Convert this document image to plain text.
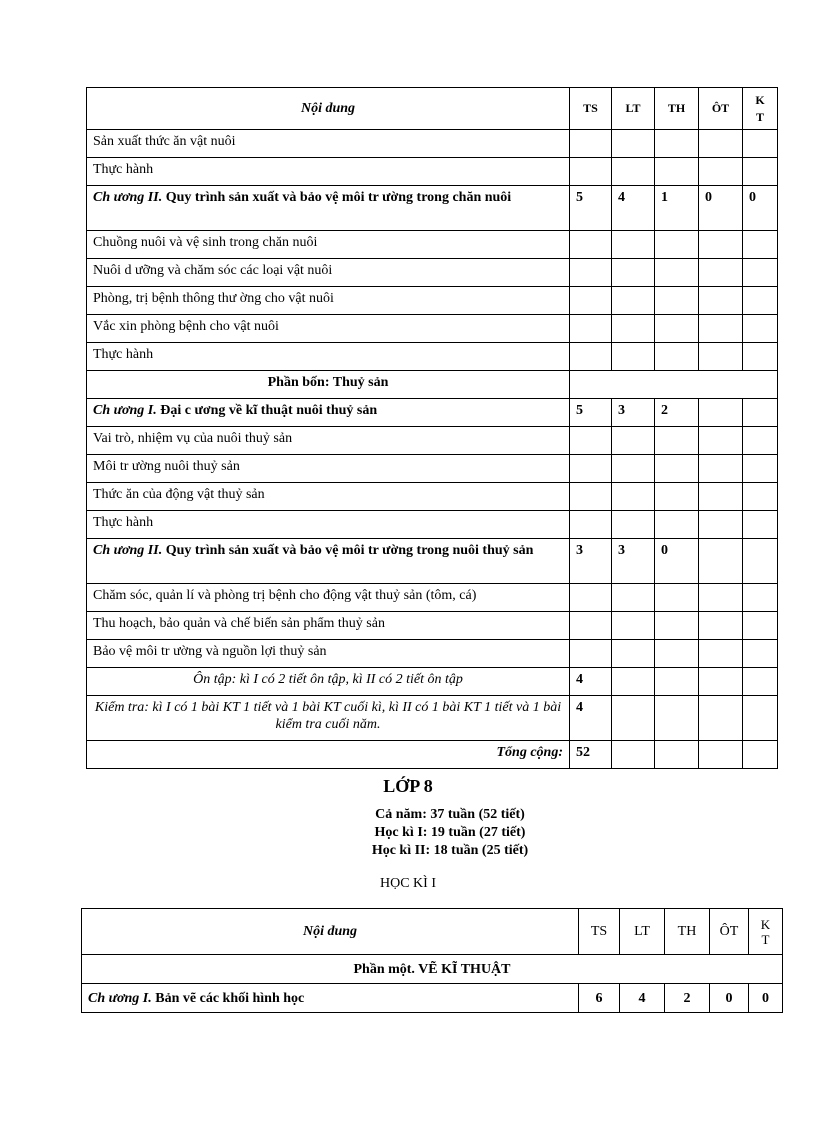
Nội dung	TS	LT	TH	ÔT	KT
Sản xuất thức ăn vật nuôi					
Thực hành					
Ch ương II. Quy trình sản xuất và bảo vệ môi tr ường trong chăn nuôi	5	4	1	0	0
Chuồng nuôi và vệ sinh trong chăn nuôi					
Nuôi d ưỡng và chăm sóc các loại vật nuôi					
Phòng, trị bệnh thông thư ờng cho vật nuôi					
Vắc xin phòng bệnh cho vật nuôi					
Thực hành					
Phần bốn: Thuỷ sản					
Ch ương I. Đại c ương về kĩ thuật nuôi thuỷ sản	5	3	2		
Vai trò, nhiệm vụ của nuôi thuỷ sản					
Môi tr ường nuôi thuỷ sản					
Thức ăn của động vật thuỷ sản					
Thực hành					
Ch ương II. Quy trình sản xuất và bảo vệ môi tr ường trong nuôi thuỷ sản	3	3	0		
Chăm sóc, quản lí và phòng trị bệnh cho động vật thuỷ sản (tôm, cá)					
Thu hoạch, bảo quản và chế biến sản phẩm thuỷ sản					
Bảo vệ môi tr ường và nguồn lợi thuỷ sản					
Ôn tập: kì I có 2 tiết ôn tập, kì II có 2 tiết ôn tập	4				
Kiểm tra: kì I có 1 bài KT 1 tiết và 1 bài KT cuối kì, kì II có 1 bài KT 1 tiết và 1 bài kiểm tra cuối năm.	4				
Tổng cộng:	52				
LỚP 8
Cả năm: 37 tuần (52 tiết)
Học kì I: 19 tuần (27 tiết)
Học kì II: 18 tuần (25 tiết)
HỌC KÌ I
Nội dung	TS	LT	TH	ÔT	KT
Phần một. VẼ KĨ THUẬT					
Ch ương I. Bản vẽ các khối hình học	6	4	2	0	0
